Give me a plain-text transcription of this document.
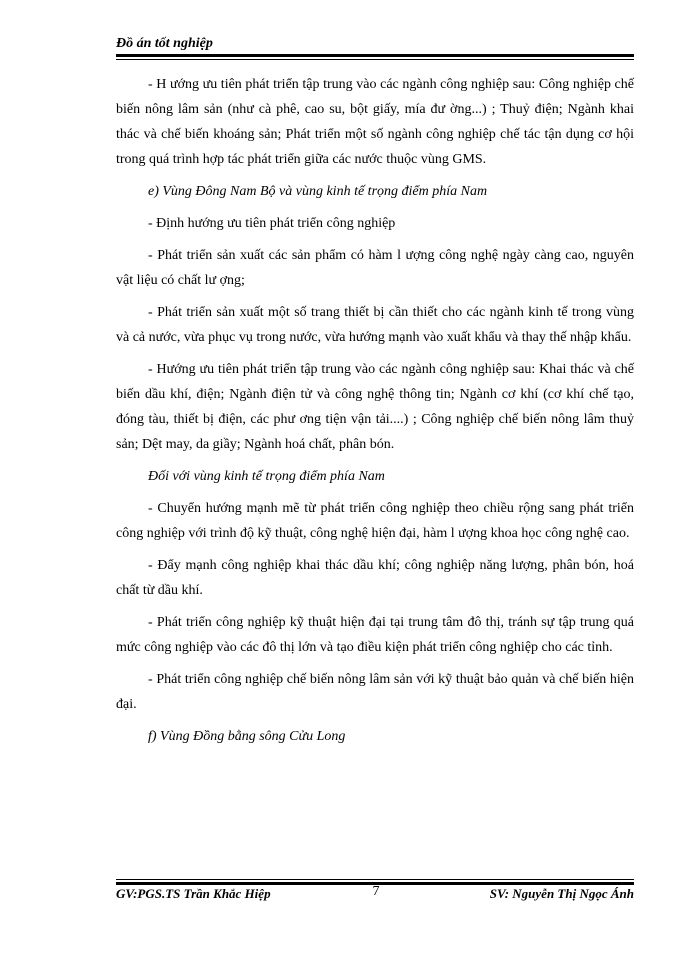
Đồ án tốt nghiệp

- H ướng ưu tiên phát triển tập trung vào các ngành công nghiệp sau: Công nghiệp chế biến nông lâm sản (như cà phê, cao su, bột giấy, mía đư ờng...) ; Thuỷ điện; Ngành khai thác và chế biến khoáng sản; Phát triển một số ngành công nghiệp chế tác tận dụng cơ hội trong quá trình hợp tác phát triển giữa các nước thuộc vùng GMS.

e) Vùng Đông Nam Bộ và vùng kinh tế trọng điểm phía Nam

- Định hướng ưu tiên phát triển công nghiệp

- Phát triển sản xuất các sản phẩm có hàm l ượng công nghệ ngày càng cao, nguyên vật liệu có chất lư ợng;

- Phát triển sản xuất một số trang thiết bị cần thiết cho các ngành kinh tế trong vùng và cả nước, vừa phục vụ trong nước, vừa hướng mạnh vào xuất khẩu và thay thế nhập khẩu.

- Hướng ưu tiên phát triển tập trung vào các ngành công nghiệp sau: Khai thác và chế biến dầu khí, điện; Ngành điện tử và công nghệ thông tin; Ngành cơ khí (cơ khí chế tạo, đóng tàu, thiết bị điện, các phư ơng tiện vận tải....) ; Công nghiệp chế biến nông lâm thuỷ sản; Dệt may, da giầy; Ngành hoá chất, phân bón.

Đối với vùng kinh tế trọng điểm phía Nam

- Chuyển hướng mạnh mẽ từ phát triển công nghiệp theo chiều rộng sang phát triển công nghiệp với trình độ kỹ thuật, công nghệ hiện đại, hàm l ượng khoa học công nghệ cao.

- Đẩy mạnh công nghiệp khai thác dầu khí; công nghiệp năng lượng, phân bón, hoá chất từ dầu khí.

- Phát triển công nghiệp kỹ thuật hiện đại tại trung tâm đô thị, tránh sự tập trung quá mức công nghiệp vào các đô thị lớn và tạo điều kiện phát triển công nghiệp cho các tỉnh.

- Phát triển công nghiệp chế biến nông lâm sản với kỹ thuật bảo quản và chế biến hiện đại.

f) Vùng Đồng bằng sông Cửu Long

GV:PGS.TS Trần Khắc Hiệp	7	SV: Nguyễn Thị Ngọc Ánh
